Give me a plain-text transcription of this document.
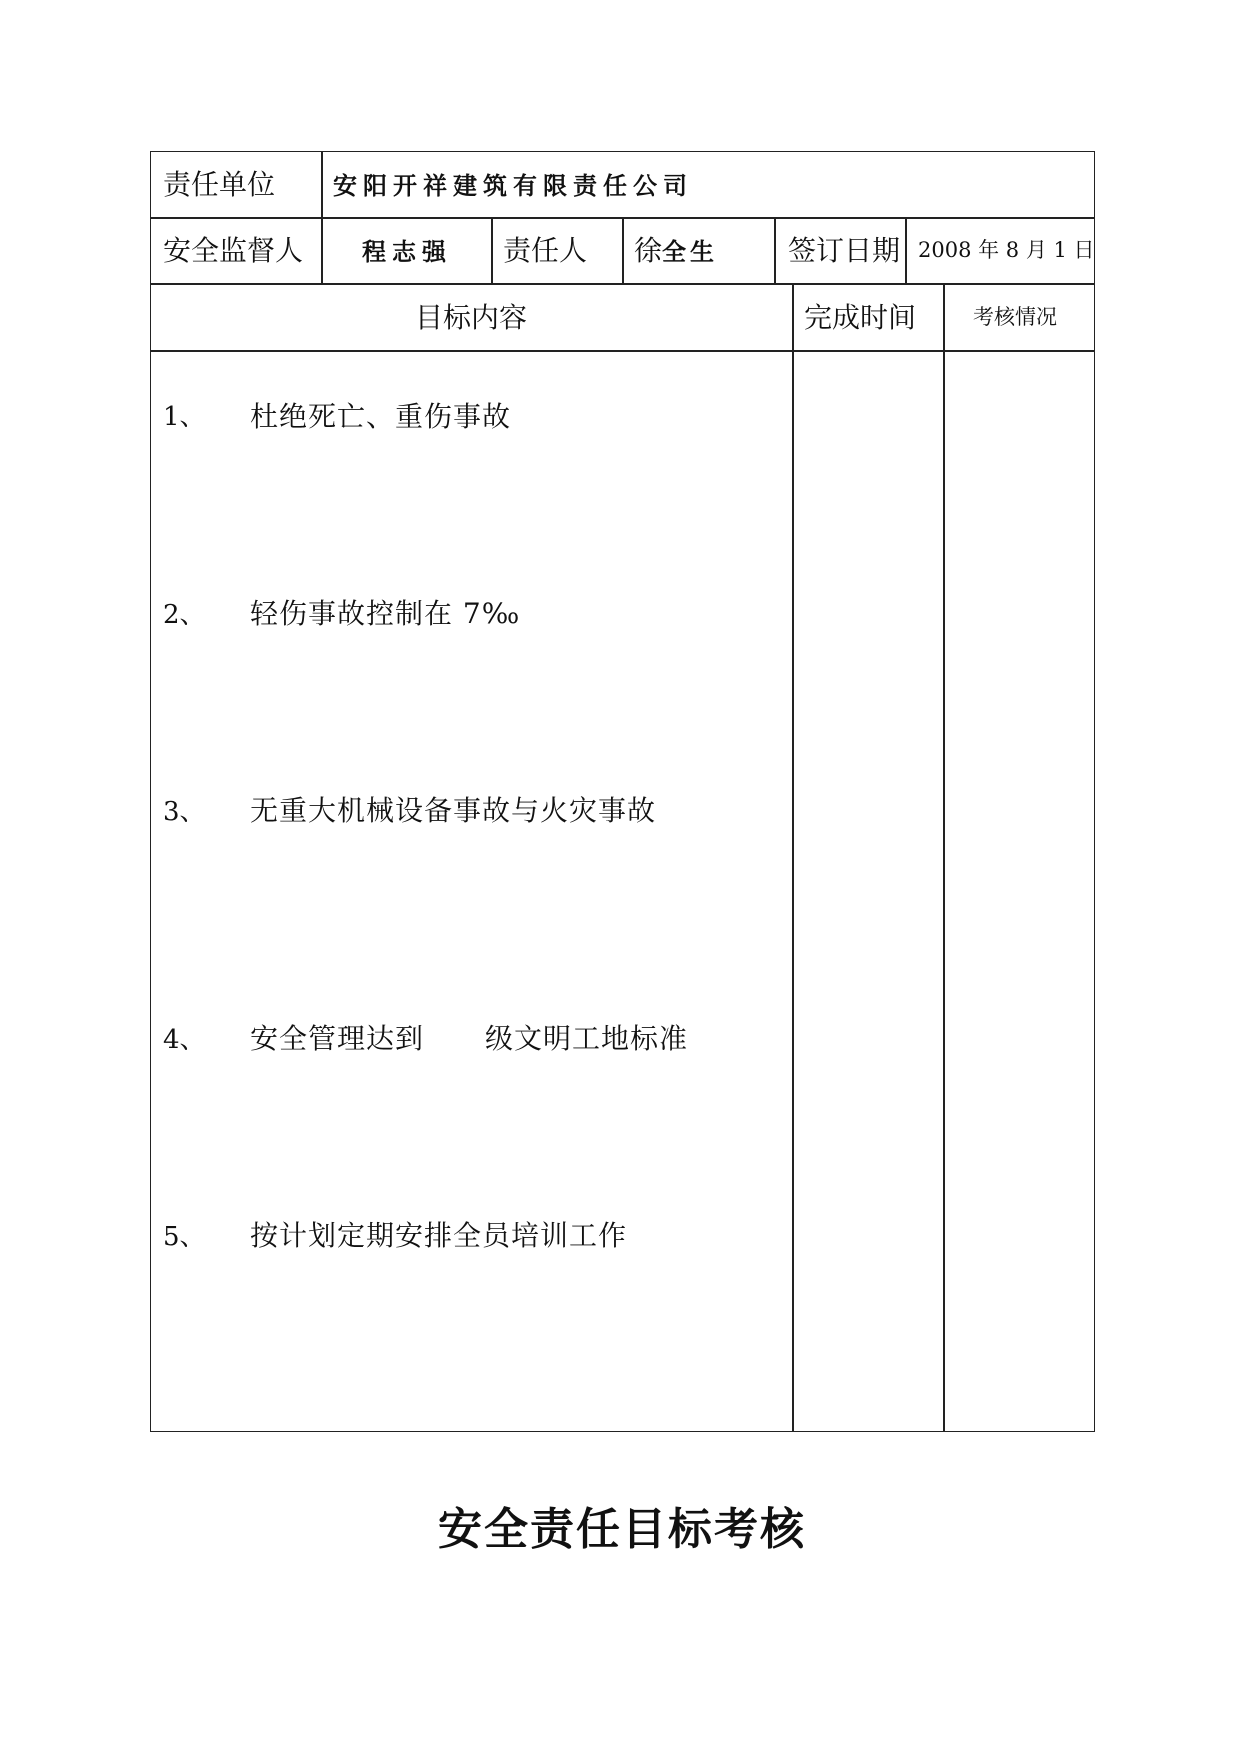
责任单位 安阳开祥建筑有限责任公司
安全监督人 程志强 责任人 徐全生 签订日期 2008 年 8 月 1 日
目标内容	完成时间	考核情况
1、 杜绝死亡、重伤事故
2、 轻伤事故控制在 7‰
3、 无重大机械设备事故与火灾事故
4、 安全管理达到 级文明工地标准
5、 按计划定期安排全员培训工作
安全责任目标考核
